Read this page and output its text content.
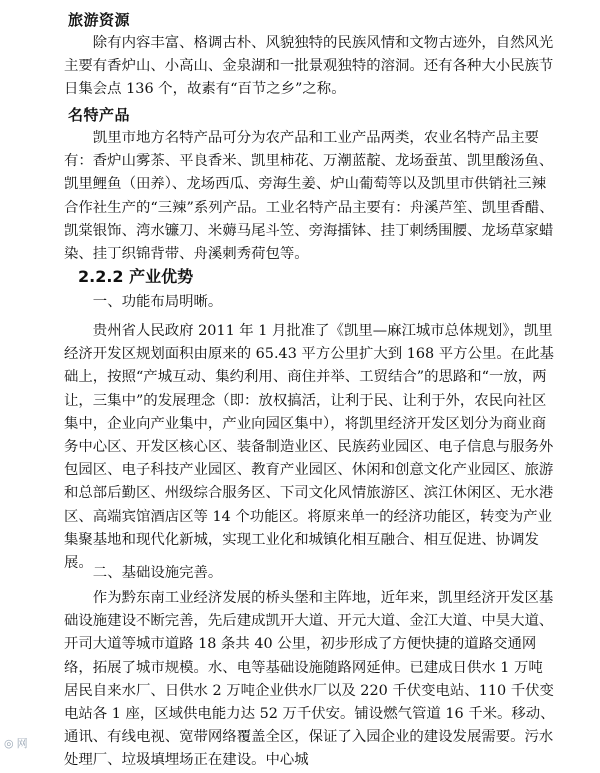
旅游资源
除有内容丰富、格调古朴、风貌独特的民族风情和文物古迹外，自然风光主要有香炉山、小高山、金泉湖和一批景观独特的溶洞。还有各种大小民族节日集会点 136 个，故素有“百节之乡”之称。
名特产品
凯里市地方名特产品可分为农产品和工业产品两类，农业名特产品主要有：香炉山雾茶、平良香米、凯里柿花、万潮蓝靛、龙场蚕茧、凯里酸汤鱼、凯里鲤鱼（田养）、龙场西瓜、旁海生姜、炉山葡萄等以及凯里市供销社三辣合作社生产的“三辣”系列产品。工业名特产品主要有：舟溪芦笙、凯里香醋、凯棠银饰、湾水镰刀、米薅马尾斗笠、旁海擂钵、挂丁刺绣围腰、龙场草家蜡染、挂丁织锦背带、舟溪刺秀荷包等。
2.2.2 产业优势
一、功能布局明晰。
贵州省人民政府 2011 年 1 月批准了《凯里—麻江城市总体规划》，凯里经济开发区规划面积由原来的 65.43 平方公里扩大到 168 平方公里。在此基础上，按照“产城互动、集约利用、商住并举、工贸结合”的思路和“一放，两让，三集中”的发展理念（即：放权搞活，让利于民、让利于外，农民向社区集中，企业向产业集中，产业向园区集中），将凯里经济开发区划分为商业商务中心区、开发区核心区、装备制造业区、民族药业园区、电子信息与服务外包园区、电子科技产业园区、教育产业园区、休闲和创意文化产业园区、旅游和总部后勤区、州级综合服务区、下司文化风情旅游区、滨江休闲区、无水港区、高端宾馆酒店区等 14 个功能区。将原来单一的经济功能区，转变为产业集聚基地和现代化新城，实现工业化和城镇化相互融合、相互促进、协调发展。
二、基础设施完善。
作为黔东南工业经济发展的桥头堡和主阵地，近年来，凯里经济开发区基础设施建设不断完善，先后建成凯开大道、开元大道、金江大道、中昊大道、开司大道等城市道路 18 条共 40 公里，初步形成了方便快捷的道路交通网络，拓展了城市规模。水、电等基础设施随路网延伸。已建成日供水 1 万吨居民自来水厂、日供水 2 万吨企业供水厂以及 220 千伏变电站、110 千伏变电站各 1 座，区域供电能力达 52 万千伏安。铺设燃气管道 16 千米。移动、通讯、有线电视、宽带网络覆盖全区，保证了入园企业的建设发展需要。污水处理厂、垃圾填埋场正在建设。中心城
◎ 网
